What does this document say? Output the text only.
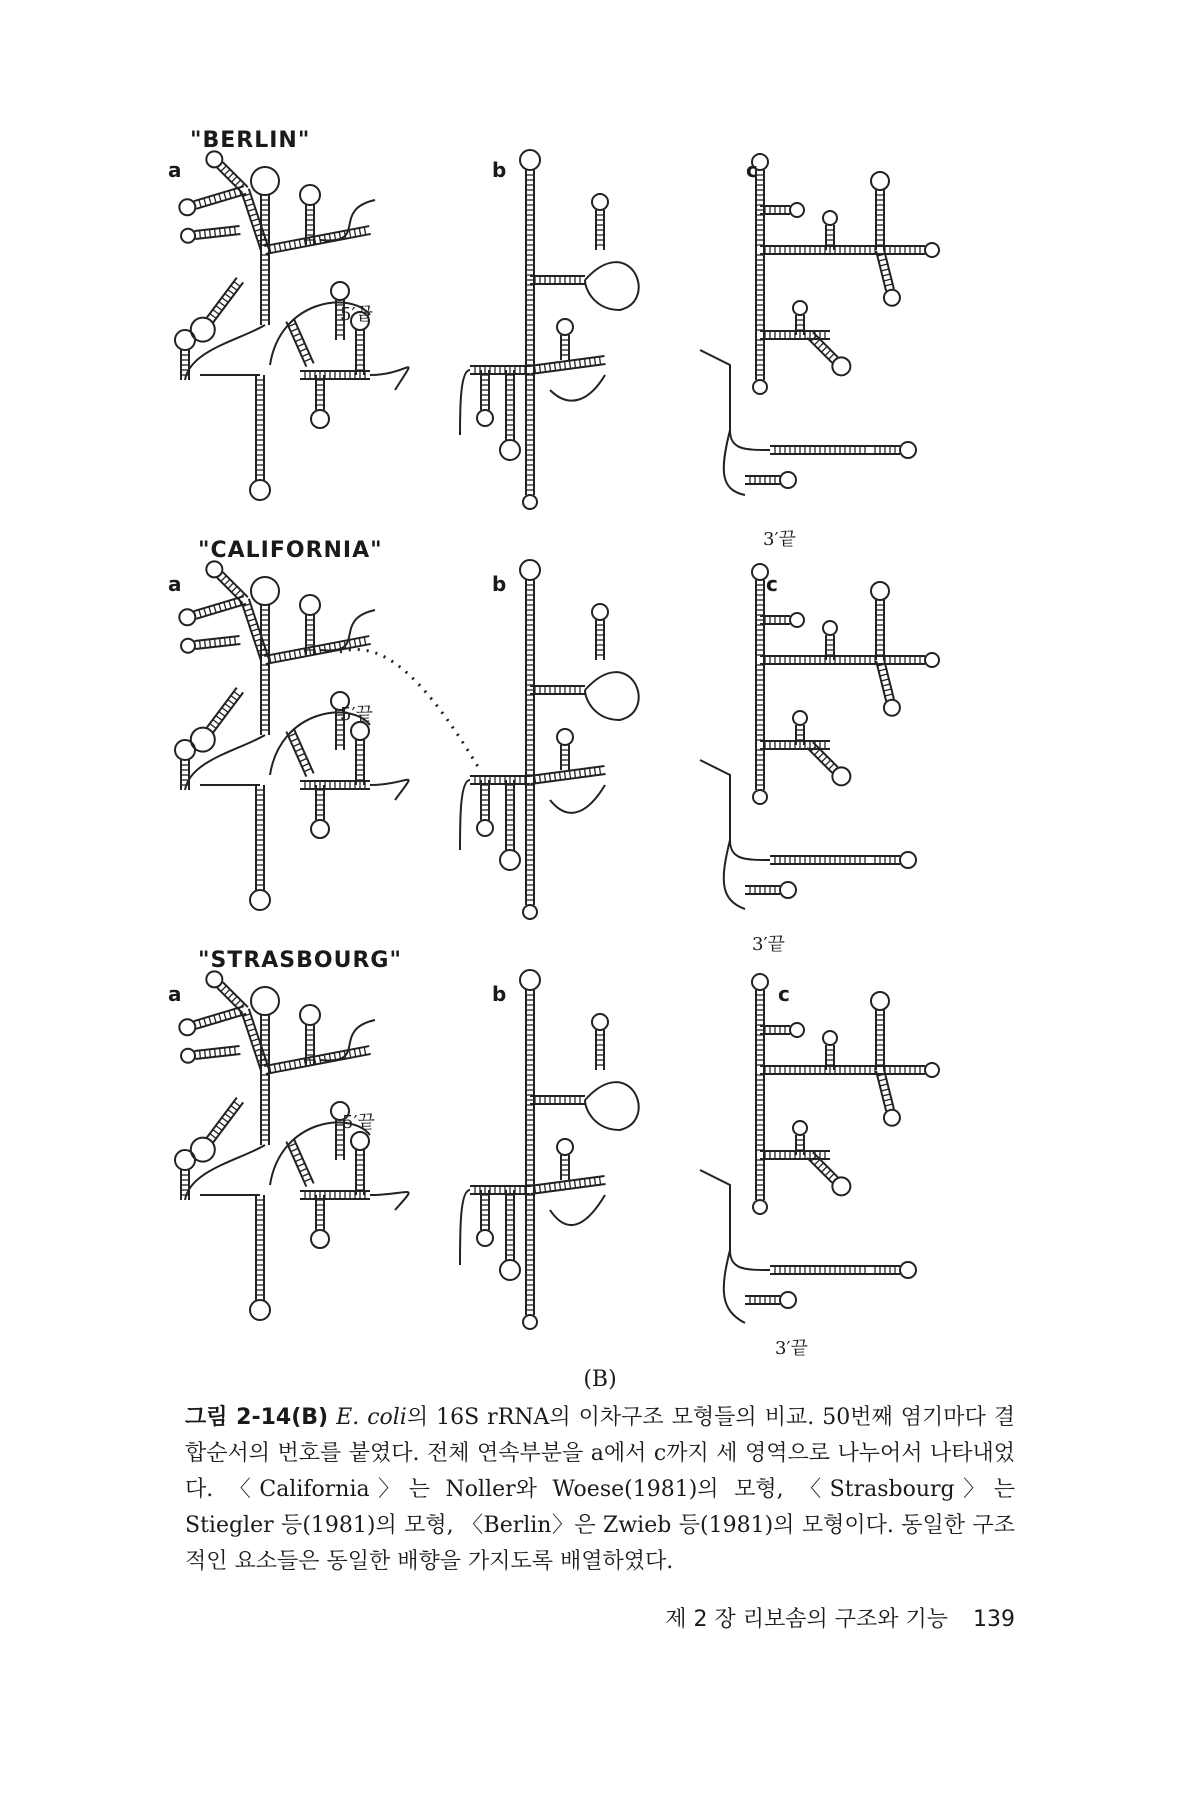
"BERLIN"
a	b	c
5′끝
3′끝
"CALIFORNIA"
a	b	c
5′끝
3′끝
"STRASBOURG"
a	b	c
5′끝
3′끝
(B)
그림 2-14(B) E. coli의 16S rRNA의 이차구조 모형들의 비교. 50번째 염기마다 결합순서의 번호를 붙였다. 전체 연속부분을 a에서 c까지 세 영역으로 나누어서 나타내었다. 〈California〉는 Noller와 Woese(1981)의 모형, 〈Strasbourg〉는 Stiegler 등(1981)의 모형, 〈Berlin〉은 Zwieb 등(1981)의 모형이다. 동일한 구조적인 요소들은 동일한 배향을 가지도록 배열하였다.
제 2 장 리보솜의 구조와 기능 139
